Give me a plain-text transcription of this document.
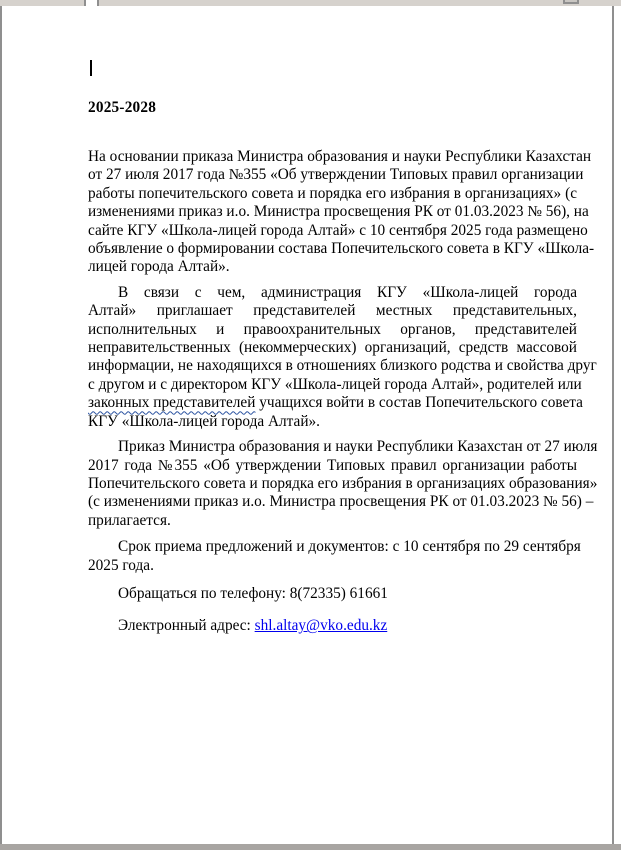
2025-2028
На основании приказа Министра образования и науки Республики Казахстан
от 27 июля 2017 года №355 «Об утверждении Типовых правил организации
работы попечительского совета и порядка его избрания в организациях» (с
изменениями приказ и.о. Министра просвещения РК от 01.03.2023 № 56), на
сайте КГУ «Школа-лицей города Алтай» с 10 сентября 2025 года размещено
объявление о формировании состава Попечительского совета в КГУ «Школа-
лицей города Алтай».
В связи с чем, администрация КГУ «Школа-лицей города
Алтай» приглашает представителей местных представительных,
исполнительных и правоохранительных органов, представителей
неправительственных (некоммерческих) организаций, средств массовой
информации, не находящихся в отношениях близкого родства и свойства друг
с другом и с директором КГУ «Школа-лицей города Алтай», родителей или
законных представителей учащихся войти в состав Попечительского совета
КГУ «Школа-лицей города Алтай».
Приказ Министра образования и науки Республики Казахстан от 27 июля
2017 года №355 «Об утверждении Типовых правил организации работы
Попечительского совета и порядка его избрания в организациях образования»
(с изменениями приказ и.о. Министра просвещения РК от 01.03.2023 № 56) –
прилагается.
Срок приема предложений и документов: с 10 сентября по 29 сентября
2025 года.
Обращаться по телефону: 8(72335) 61661
Электронный адрес: shl.altay@vko.edu.kz
